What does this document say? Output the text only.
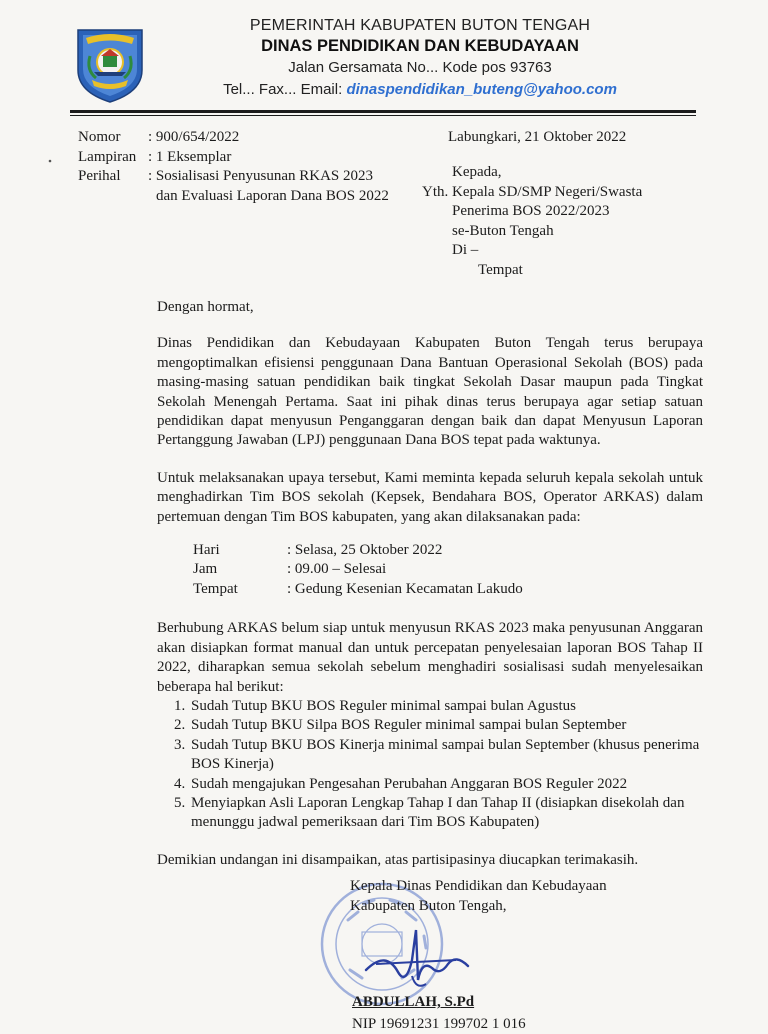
PEMERINTAH KABUPATEN BUTON TENGAH
DINAS PENDIDIKAN DAN KEBUDAYAAN
Jalan Gersamata No... Kode pos 93763
Tel... Fax... Email: dinaspendidikan_buteng@yahoo.com
Nomor	: 900/654/2022
Lampiran : 1 Eksemplar
Perihal	: Sosialisasi Penyusunan RKAS 2023
dan Evaluasi Laporan Dana BOS 2022
Labungkari, 21 Oktober 2022
Kepada,
Yth. Kepala SD/SMP Negeri/Swasta
Penerima BOS 2022/2023
se-Buton Tengah
Di –
Tempat
Dengan hormat,
Dinas Pendidikan dan Kebudayaan Kabupaten Buton Tengah terus berupaya mengoptimalkan efisiensi penggunaan Dana Bantuan Operasional Sekolah (BOS) pada masing-masing satuan pendidikan baik tingkat Sekolah Dasar maupun pada Tingkat Sekolah Menengah Pertama. Saat ini pihak dinas terus berupaya agar setiap satuan pendidikan dapat menyusun Penganggaran dengan baik dan dapat Menyusun Laporan Pertanggung Jawaban (LPJ) penggunaan Dana BOS tepat pada waktunya.
Untuk melaksanakan upaya tersebut, Kami meminta kepada seluruh kepala sekolah untuk menghadirkan Tim BOS sekolah (Kepsek, Bendahara BOS, Operator ARKAS) dalam pertemuan dengan Tim BOS kabupaten, yang akan dilaksanakan pada:
Hari	: Selasa, 25 Oktober 2022
Jam	: 09.00 – Selesai
Tempat	: Gedung Kesenian Kecamatan Lakudo
Berhubung ARKAS belum siap untuk menyusun RKAS 2023 maka penyusunan Anggaran akan disiapkan format manual dan untuk percepatan penyelesaian laporan BOS Tahap II 2022, diharapkan semua sekolah sebelum menghadiri sosialisasi sudah menyelesaikan beberapa hal berikut:
1. Sudah Tutup BKU BOS Reguler minimal sampai bulan Agustus
2. Sudah Tutup BKU Silpa BOS Reguler minimal sampai bulan September
3. Sudah Tutup BKU BOS Kinerja minimal sampai bulan September (khusus penerima BOS Kinerja)
4. Sudah mengajukan Pengesahan Perubahan Anggaran BOS Reguler 2022
5. Menyiapkan Asli Laporan Lengkap Tahap I dan Tahap II (disiapkan disekolah dan menunggu jadwal pemeriksaan dari Tim BOS Kabupaten)
Demikian undangan ini disampaikan, atas partisipasinya diucapkan terimakasih.
Kepala Dinas Pendidikan dan Kebudayaan
Kabupaten Buton Tengah,
ABDULLAH, S.Pd
NIP 19691231 199702 1 016
